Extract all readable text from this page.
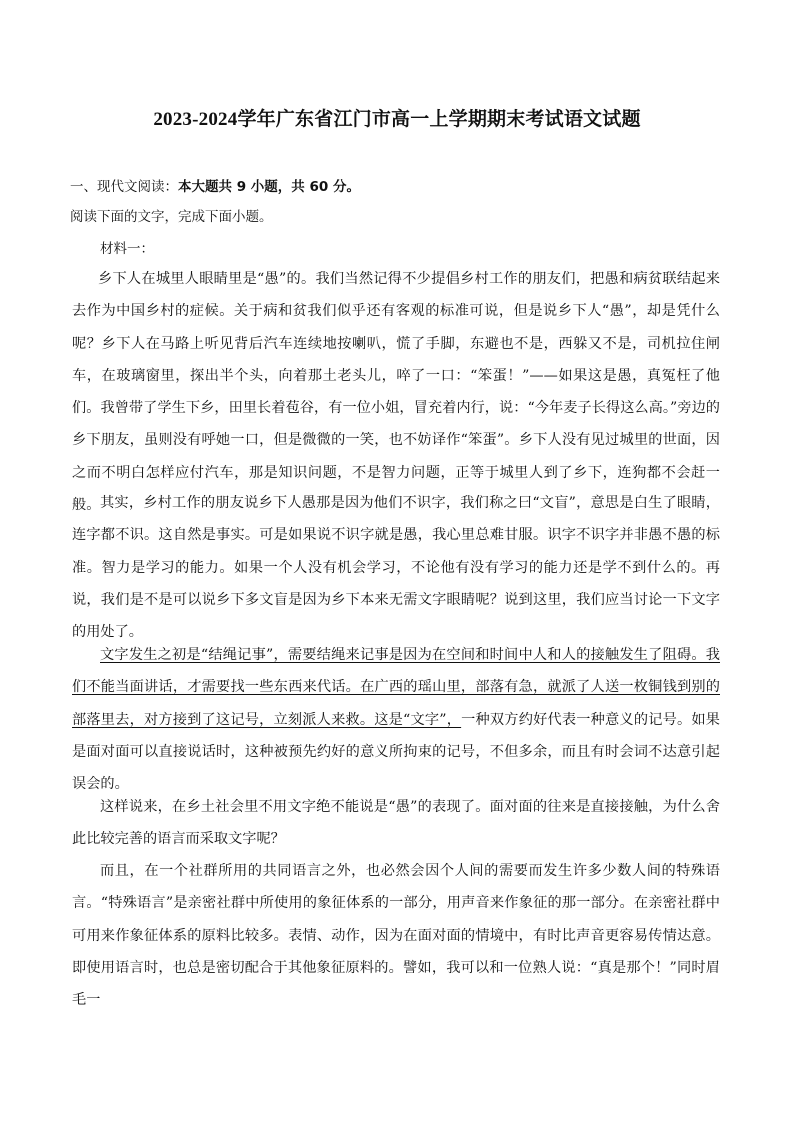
2023-2024学年广东省江门市高一上学期期末考试语文试题
一、现代文阅读：本大题共 9 小题，共 60 分。
阅读下面的文字，完成下面小题。
材料一：
乡下人在城里人眼睛里是“愚”的。我们当然记得不少提倡乡村工作的朋友们，把愚和病贫联结起来去作为中国乡村的症候。关于病和贫我们似乎还有客观的标准可说，但是说乡下人“愚”，却是凭什么呢？乡下人在马路上听见背后汽车连续地按喇叭，慌了手脚，东避也不是，西躲又不是，司机拉住闸车，在玻璃窗里，探出半个头，向着那土老头儿，啐了一口：“笨蛋！”——如果这是愚，真冤枉了他们。我曾带了学生下乡，田里长着苞谷，有一位小姐，冒充着内行，说：“今年麦子长得这么高。”旁边的乡下朋友，虽则没有呼她一口，但是微微的一笑，也不妨译作“笨蛋”。乡下人没有见过城里的世面，因之而不明白怎样应付汽车，那是知识问题，不是智力问题，正等于城里人到了乡下，连狗都不会赶一般。 其实，乡村工作的朋友说乡下人愚那是因为他们不识字，我们称之曰“文盲”，意思是白生了眼睛，连字都不识。这自然是事实。可是如果说不识字就是愚，我心里总难甘服。识字不识字并非愚不愚的标准。智力是学习的能力。如果一个人没有机会学习，不论他有没有学习的能力还是学不到什么的。再说，我们是不是可以说乡下多文盲是因为乡下本来无需文字眼睛呢？说到这里，我们应当讨论一下文字的用处了。
文字发生之初是“结绳记事”，需要结绳来记事是因为在空间和时间中人和人的接触发生了阻碍。我们不能当面讲话，才需要找一些东西来代话。在广西的瑶山里，部落有急，就派了人送一枚铜钱到别的部落里去，对方接到了这记号，立刻派人来救。这是“文字”，一种双方约好代表一种意义的记号。如果是面对面可以直接说话时，这种被预先约好的意义所拘束的记号，不但多余，而且有时会词不达意引起误会的。
这样说来，在乡土社会里不用文字绝不能说是“愚”的表现了。面对面的往来是直接接触，为什么舍此比较完善的语言而采取文字呢？
而且，在一个社群所用的共同语言之外，也必然会因个人间的需要而发生许多少数人间的特殊语言。“特殊语言”是亲密社群中所使用的象征体系的一部分，用声音来作象征的那一部分。在亲密社群中可用来作象征体系的原料比较多。表情、动作，因为在面对面的情境中，有时比声音更容易传情达意。即使用语言时，也总是密切配合于其他象征原料的。譬如，我可以和一位熟人说：“真是那个！”同时眉毛一
